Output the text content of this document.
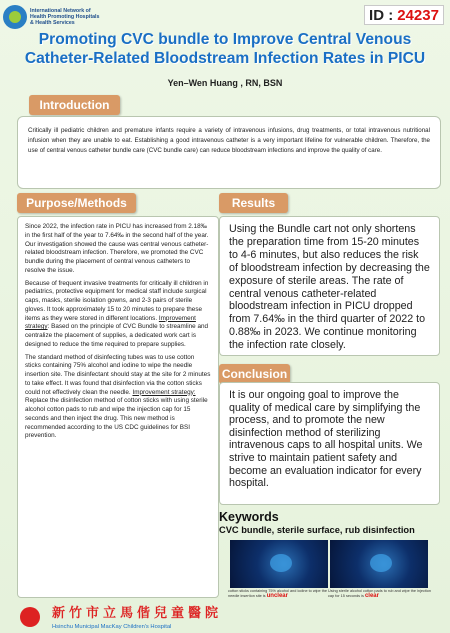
International Network of
Health Promoting Hospitals
& Health Services	ID : 24237
Promoting CVC bundle to Improve Central Venous
Catheter-Related Bloodstream Infection Rates in PICU
Yen–Wen Huang , RN, BSN
Introduction
Critically ill pediatric children and premature infants require a variety of intravenous infusions, drug treatments, or total intravenous nutritional infusion when they are unable to eat. Establishing a good intravenous catheter is a very important lifeline for vulnerable children. Therefore, the use of central venous catheter bundle care (CVC bundle care) can reduce bloodstream infections and improve the quality of care.
Purpose/Methods

Since 2022, the infection rate in PICU has increased from 2.18‰ in the first half of the year to 7.64‰ in the second half of the year. Our investigation showed the cause was central venous catheter-related bloodstream infection. Therefore, we promoted the CVC bundle during the placement of central venous catheters to resolve the issue.

Because of frequent invasive treatments for critically ill children in pediatrics, protective equipment for medical staff include surgical caps, masks, sterile isolation gowns, and 2-3 pairs of sterile gloves. It took approximately 15 to 20 minutes to prepare these items as they were stored in different locations. Improvement strategy: Based on the principle of CVC Bundle to streamline and centralize the placement of supplies, a dedicated work cart is designed to reduce the time required to prepare supplies.

The standard method of disinfecting tubes was to use cotton sticks containing 75% alcohol and iodine to wipe the needle insertion site. The disinfectant should stay at the site for 2 minutes to take effect. It was found that disinfection via the cotton sticks could not effectively clean the needle. Improvement strategy: Replace the disinfection method of cotton sticks with using sterile alcohol cotton pads to rub and wipe the injection cap for 15 seconds and then inject the drug. This new method is recommended according to the US CDC guidelines for BSI prevention.

Results
Using the Bundle cart not only shortens the preparation time from 15-20 minutes to 4-6 minutes, but also reduces the risk of bloodstream infection by decreasing the exposure of sterile areas. The rate of central venous catheter-related bloodstream infection in PICU dropped from 7.64‰ in the third quarter of 2022 to 0.88‰ in 2023. We continue monitoring the infection rate closely.
Conclusion
It is our ongoing goal to improve the quality of medical care by simplifying the process, and to promote the new disinfection method of sterilizing intravenous caps to all hospital units. We strive to maintain patient safety and become an evaluation indicator for every hospital.
Keywords
CVC bundle, sterile surface, rub disinfection
cotton sticks containing 75% alcohol and iodine to wipe the needle insertion site is unclear
Using sterile alcohol cotton pads to rub and wipe the injection cap for 15 seconds is clear
新竹市立馬偕兒童醫院
Hsinchu Municipal MacKay Children's Hospital
